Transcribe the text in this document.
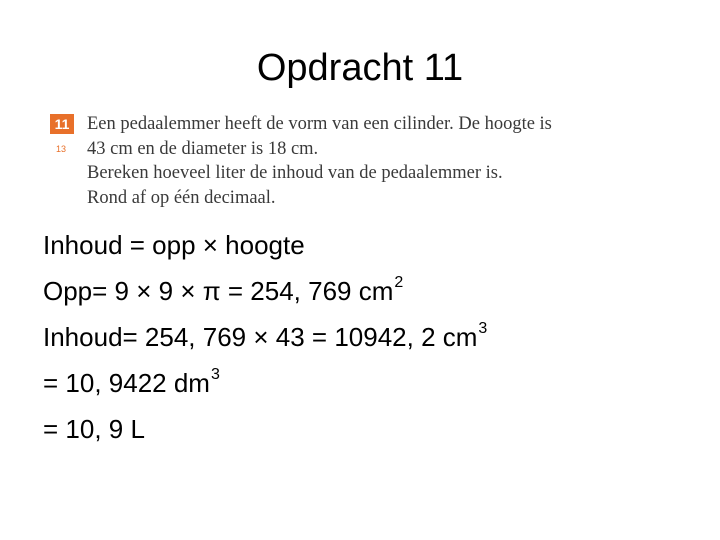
Opdracht 11
11
13
Een pedaalemmer heeft de vorm van een cilinder. De hoogte is
43 cm en de diameter is 18 cm.
Bereken hoeveel liter de inhoud van de pedaalemmer is.
Rond af op één decimaal.
Inhoud = opp × hoogte
Opp= 9 × 9 × π = 254, 769 $cm^2$
Inhoud= 254, 769 × 43 = 10942, 2 $cm^3$
= 10, 9422 $dm^3$
= 10, 9 L
